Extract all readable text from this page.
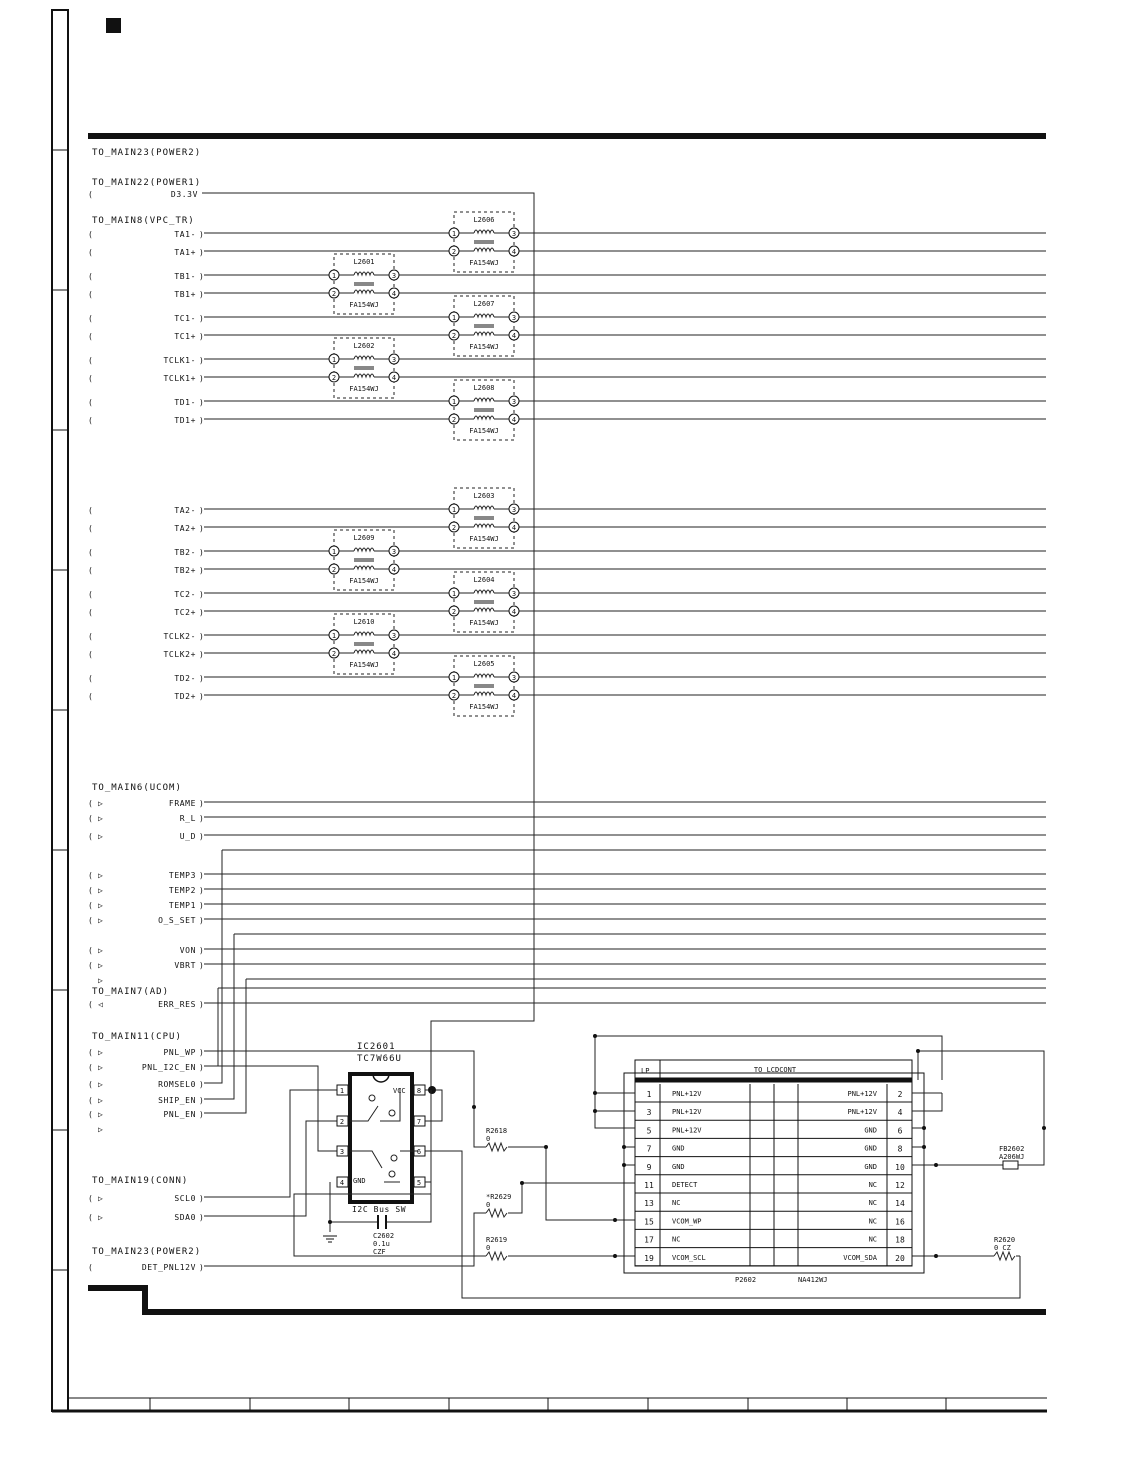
TO_MAIN23(POWER2)
TO_MAIN22(POWER1)
TO_MAIN8(VPC_TR)
TO_MAIN6(UCOM)
TO_MAIN7(AD)
TO_MAIN11(CPU)
TO_MAIN19(CONN)
TO_MAIN23(POWER2)
(	D3.3V
(	TA1- )
(	TA1+ )
(	TB1- )
(	TB1+ )
(	TC1- )
(	TC1+ )
(	TCLK1- )
(	TCLK1+ )
(	TD1- )
(	TD1+ )
(	TA2- )
(	TA2+ )
(	TB2- )
(	TB2+ )
(	TC2- )
(	TC2+ )
(	TCLK2- )
(	TCLK2+ )
(	TD2- )
(	TD2+ )
L2606
FA154WJ
1	3
2	4
L2601
FA154WJ
1	3
2	4
L2607
FA154WJ
1	3
2	4
L2602
FA154WJ
1	3
2	4
L2608
FA154WJ
1	3
2	4
L2603
FA154WJ
1	3
2	4
L2609
FA154WJ
1	3
2	4
L2604
FA154WJ
1	3
2	4
L2610
FA154WJ
1	3
2	4
L2605
FA154WJ
1	3
2	4
( ▷	FRAME )
( ▷	R_L )
( ▷	U_D )
( ▷	TEMP3 )
( ▷	TEMP2 )
( ▷	TEMP1 )
( ▷	O_S_SET )
( ▷	VON )
( ▷	VBRT )
▷
( ◁	ERR_RES )
( ▷	PNL_WP )
( ▷	PNL_I2C_EN )
( ▷	ROMSEL0 )
( ▷	SHIP_EN )
( ▷	PNL_EN )
▷
( ▷	SCL0 )
( ▷	SDA0 )
(	DET_PNL12V )
IC2601
TC7W66U
VCC
GND
I2C Bus SW
1
2
3
4
8
7
6
5
C2602
0.1u
CZF
R2618
0
*R2629
0
R2619
0
R2620
0 CZ
LP	TO LCDCONT
P2602	NA412WJ
1	PNL+12V	PNL+12V	2
3	PNL+12V	PNL+12V	4
5	PNL+12V	GND	6
7	GND	GND	8
9	GND	GND 10
11	DETECT	NC 12
13	NC	NC 14
15	VCOM_WP	NC 16
17	NC	NC 18
19	VCOM_SCL	VCOM_SDA 20
FB2602
A206WJ
